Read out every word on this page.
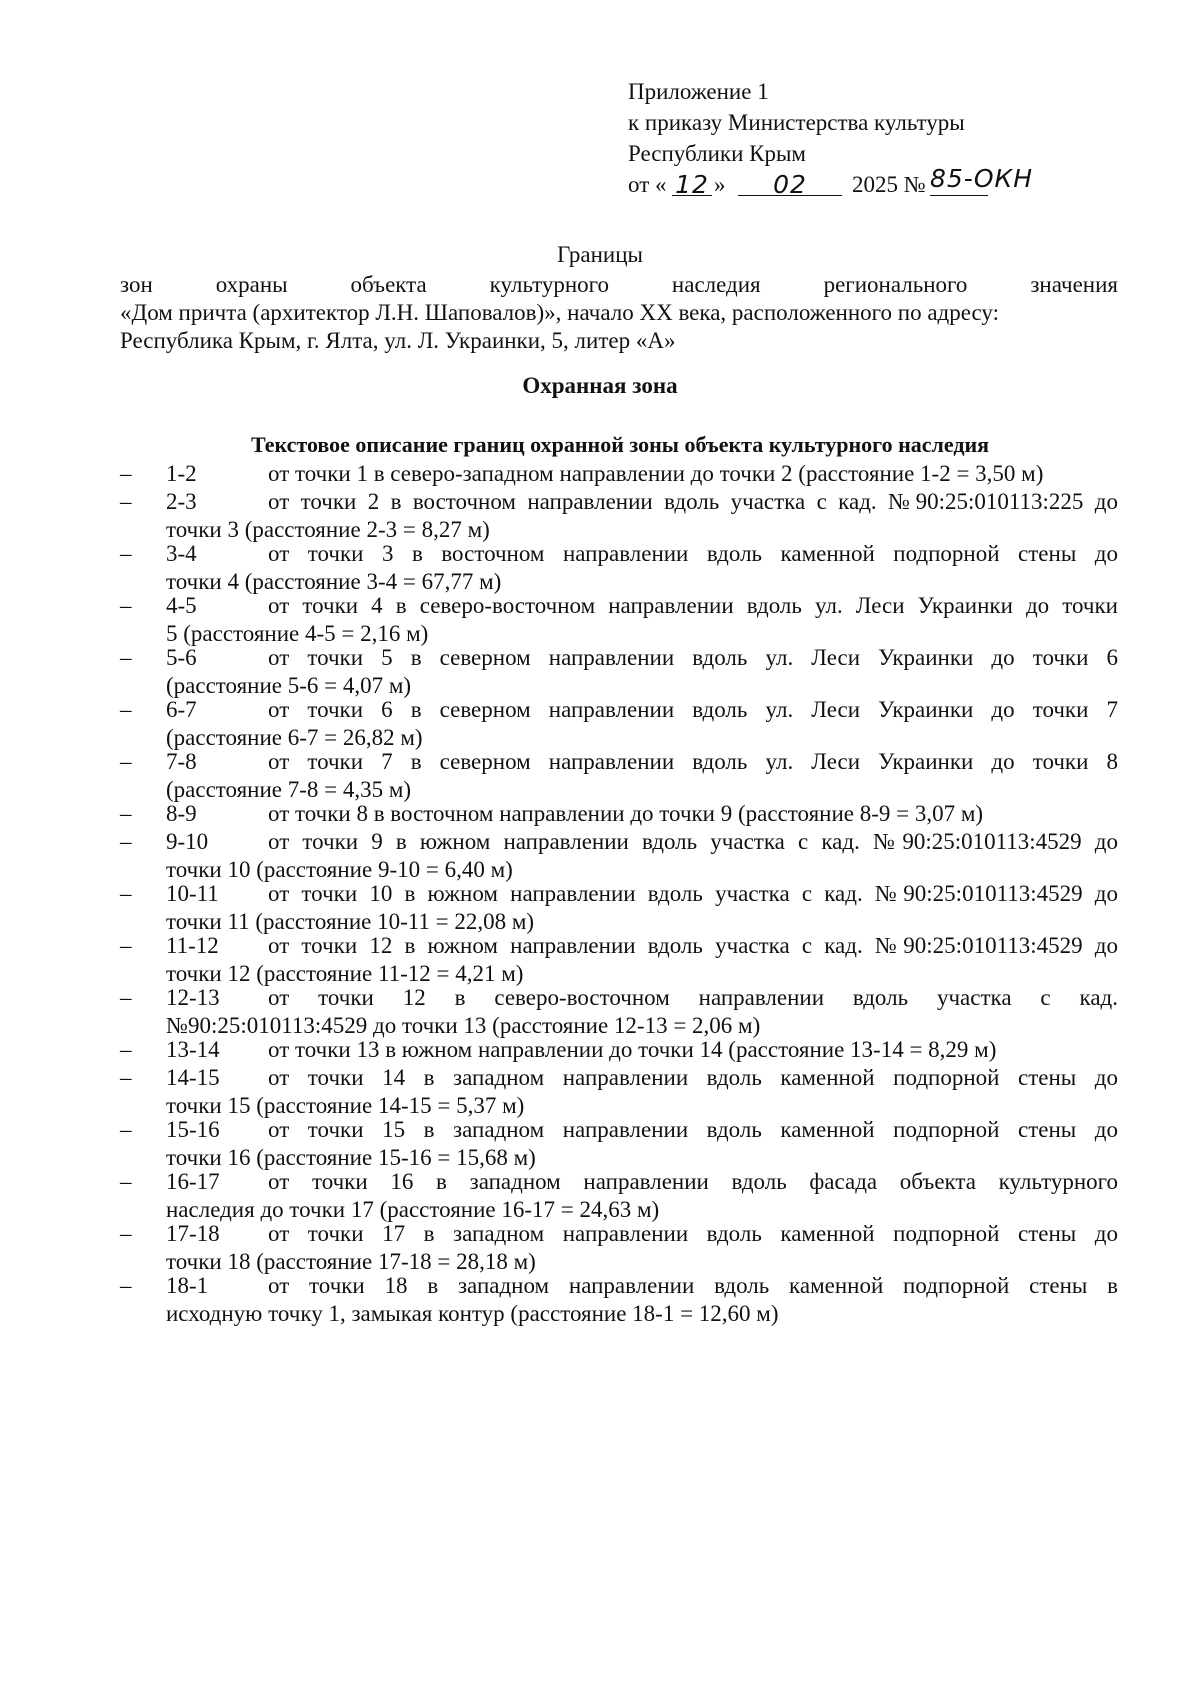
Приложение 1
к приказу Министерства культуры
Республики Крым
от « 12 »	02	2025 № 85-ОКН
Границы
зон охраны объекта культурного наследия регионального значения
«Дом причта (архитектор Л.Н. Шаповалов)», начало XX века, расположенного по адресу:
Республика Крым, г. Ялта, ул. Л. Украинки, 5, литер «А»
Охранная зона
Текстовое описание границ охранной зоны объекта культурного наследия
–	1-2	от точки 1 в северо-западном направлении до точки 2 (расстояние 1-2 = 3,50 м)
–	2-3	от точки 2 в восточном направлении вдоль участка с кад. №90:25:010113:225 до
точки 3 (расстояние 2-3 = 8,27 м)
–	3-4	от точки 3 в восточном направлении вдоль каменной подпорной стены до
точки 4 (расстояние 3-4 = 67,77 м)
–	4-5	от точки 4 в северо-восточном направлении вдоль ул. Леси Украинки до точки
5 (расстояние 4-5 = 2,16 м)
–	5-6	от точки 5 в северном направлении вдоль ул. Леси Украинки до точки 6
(расстояние 5-6 = 4,07 м)
–	6-7	от точки 6 в северном направлении вдоль ул. Леси Украинки до точки 7
(расстояние 6-7 = 26,82 м)
–	7-8	от точки 7 в северном направлении вдоль ул. Леси Украинки до точки 8
(расстояние 7-8 = 4,35 м)
–	8-9	от точки 8 в восточном направлении до точки 9 (расстояние 8-9 = 3,07 м)
–	9-10	от точки 9 в южном направлении вдоль участка с кад. №90:25:010113:4529 до
точки 10 (расстояние 9-10 = 6,40 м)
–	10-11 от точки 10 в южном направлении вдоль участка с кад. №90:25:010113:4529 до
точки 11 (расстояние 10-11 = 22,08 м)
–	11-12 от точки 12 в южном направлении вдоль участка с кад. №90:25:010113:4529 до
точки 12 (расстояние 11-12 = 4,21 м)
–	12-13 от точки 12 в северо-восточном направлении вдоль участка с кад.
№90:25:010113:4529 до точки 13 (расстояние 12-13 = 2,06 м)
–	13-14 от точки 13 в южном направлении до точки 14 (расстояние 13-14 = 8,29 м)
–	14-15 от точки 14 в западном направлении вдоль каменной подпорной стены до
точки 15 (расстояние 14-15 = 5,37 м)
–	15-16 от точки 15 в западном направлении вдоль каменной подпорной стены до
точки 16 (расстояние 15-16 = 15,68 м)
–	16-17 от точки 16 в западном направлении вдоль фасада объекта культурного
наследия до точки 17 (расстояние 16-17 = 24,63 м)
–	17-18 от точки 17 в западном направлении вдоль каменной подпорной стены до
точки 18 (расстояние 17-18 = 28,18 м)
–	18-1	от точки 18 в западном направлении вдоль каменной подпорной стены в
исходную точку 1, замыкая контур (расстояние 18-1 = 12,60 м)
